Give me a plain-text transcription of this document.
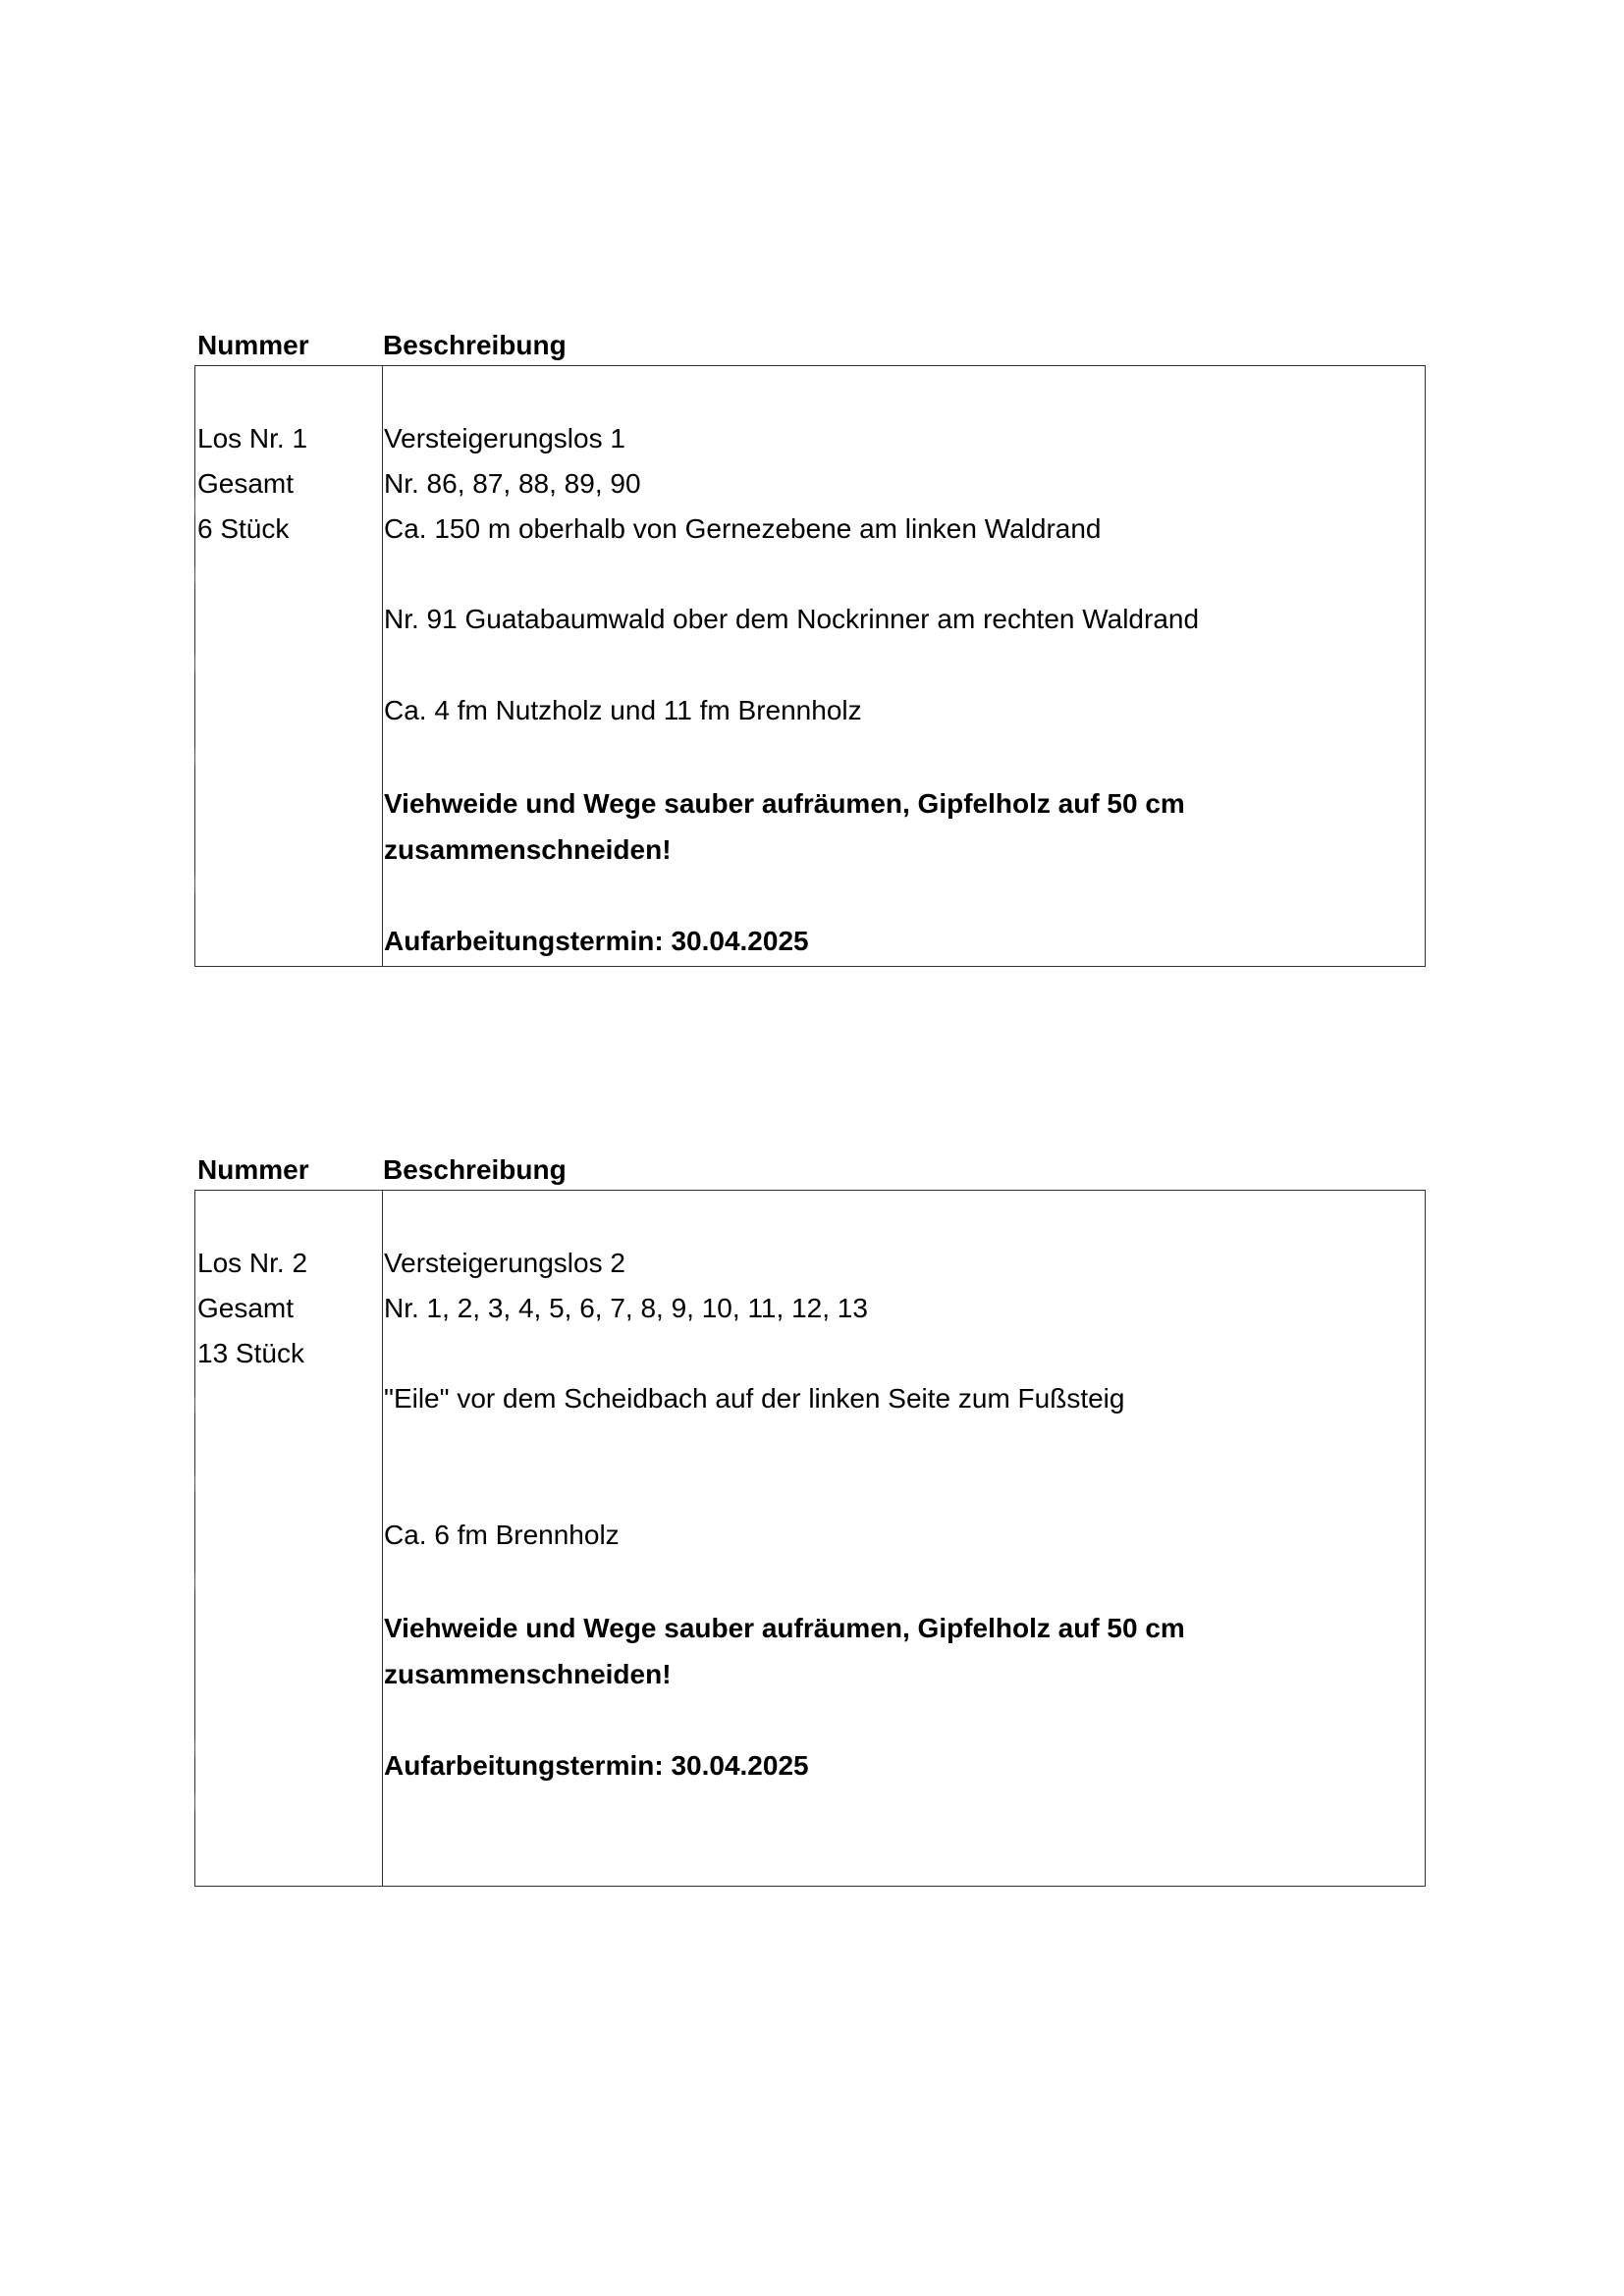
Nummer	Beschreibung
Los Nr. 1
Gesamt
6 Stück
Versteigerungslos 1
Nr. 86, 87, 88, 89, 90
Ca. 150 m oberhalb von Gernezebene am linken Waldrand
Nr. 91 Guatabaumwald ober dem Nockrinner am rechten Waldrand
Ca. 4 fm Nutzholz und 11 fm Brennholz
Viehweide und Wege sauber aufräumen, Gipfelholz auf 50 cm
zusammenschneiden!
Aufarbeitungstermin: 30.04.2025
Nummer	Beschreibung
Los Nr. 2
Gesamt
13 Stück
Versteigerungslos 2
Nr. 1, 2, 3, 4, 5, 6, 7, 8, 9, 10, 11, 12, 13
"Eile" vor dem Scheidbach auf der linken Seite zum Fußsteig
Ca. 6 fm Brennholz
Viehweide und Wege sauber aufräumen, Gipfelholz auf 50 cm
zusammenschneiden!
Aufarbeitungstermin: 30.04.2025
